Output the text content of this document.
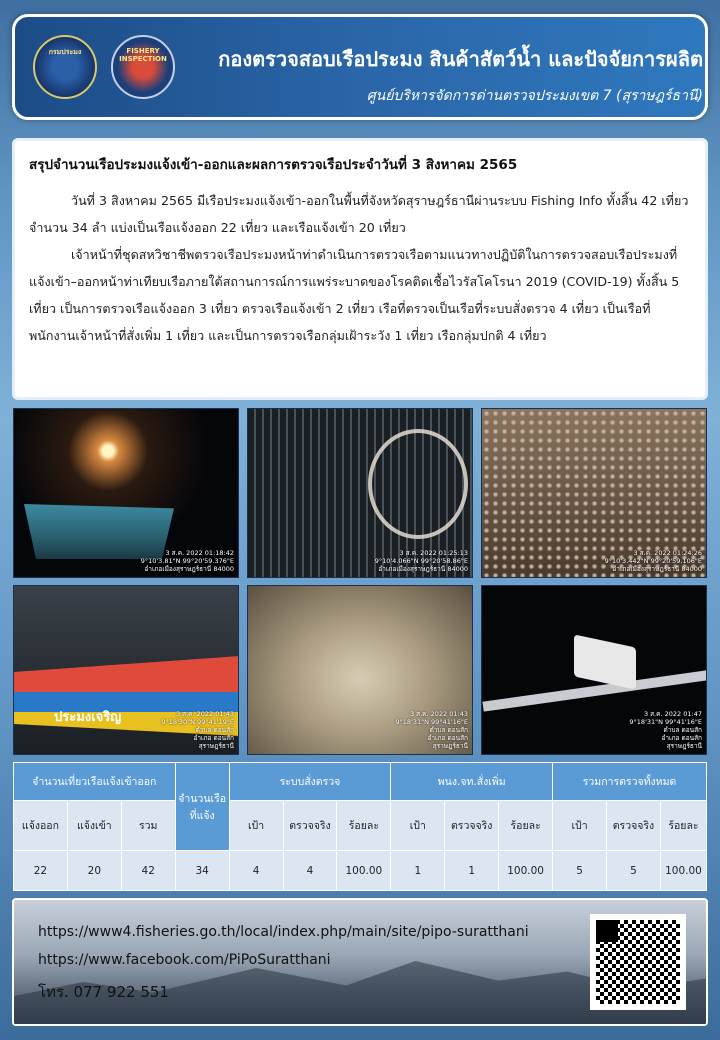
กรมประมง	FISHERY INSPECTION	กองตรวจสอบเรือประมง สินค้าสัตว์น้ำ และปัจจัยการผลิต
ศูนย์บริหารจัดการด่านตรวจประมงเขต 7 (สุราษฎร์ธานี)
สรุปจำนวนเรือประมงแจ้งเข้า-ออกและผลการตรวจเรือประจำวันที่ 3 สิงหาคม 2565

วันที่ 3 สิงหาคม 2565 มีเรือประมงแจ้งเข้า-ออกในพื้นที่จังหวัดสุราษฎร์ธานีผ่านระบบ Fishing Info ทั้งสิ้น 42 เที่ยว จำนวน 34 ลำ แบ่งเป็นเรือแจ้งออก 22 เที่ยว และเรือแจ้งเข้า 20 เที่ยว

เจ้าหน้าที่ชุดสหวิชาชีพตรวจเรือประมงหน้าท่าดำเนินการตรวจเรือตามแนวทางปฏิบัติในการตรวจสอบเรือประมงที่แจ้งเข้า–ออกหน้าท่าเทียบเรือภายใต้สถานการณ์การแพร่ระบาดของโรคติดเชื้อไวรัสโคโรนา 2019 (COVID-19) ทั้งสิ้น 5 เที่ยว เป็นการตรวจเรือแจ้งออก 3 เที่ยว ตรวจเรือแจ้งเข้า 2 เที่ยว เรือที่ตรวจเป็นเรือที่ระบบสั่งตรวจ 4 เที่ยว เป็นเรือที่พนักงานเจ้าหน้าที่สั่งเพิ่ม 1 เที่ยว และเป็นการตรวจเรือกลุ่มเฝ้าระวัง 1 เที่ยว เรือกลุ่มปกติ 4 เที่ยว

3 ส.ค. 2022 01:18:42
9°10'3.81"N 99°20'59.376"E
อำเภอเมืองสุราษฎร์ธานี 84000
3 ส.ค. 2022 01:25:13
9°10'4.066"N 99°20'58.86"E
อำเภอเมืองสุราษฎร์ธานี 84000
3 ส.ค. 2022 01:24:26
9°10'3.442"N 99°20'59.106"E
อำเภอเมืองสุราษฎร์ธานี 84000
ประมงเจริญ	3 ส.ค. 2022 01:43
9°18'30"N 99°41'19"E
ตำบล ดอนสัก
อำเภอ ดอนสัก
สุราษฎร์ธานี
3 ส.ค. 2022 01:43
9°18'31"N 99°41'16"E
ตำบล ดอนสัก
อำเภอ ดอนสัก
สุราษฎร์ธานี
3 ส.ค. 2022 01:47
9°18'31"N 99°41'16"E
ตำบล ดอนสัก
อำเภอ ดอนสัก
สุราษฎร์ธานี
จำนวนเที่ยวเรือแจ้งเข้าออก			จำนวนเรือที่แจ้ง	ระบบสั่งตรวจ			พนง.จท.สั่งเพิ่ม			รวมการตรวจทั้งหมด		
แจ้งออก	แจ้งเข้า	รวม		เป้า	ตรวจจริง	ร้อยละ	เป้า	ตรวจจริง	ร้อยละ	เป้า	ตรวจจริง	ร้อยละ
22	20	42	34	4	4	100.00	1	1	100.00	5	5	100.00
https://www4.fisheries.go.th/local/index.php/main/site/pipo-suratthani
https://www.facebook.com/PiPoSuratthani
โทร. 077 922 551
